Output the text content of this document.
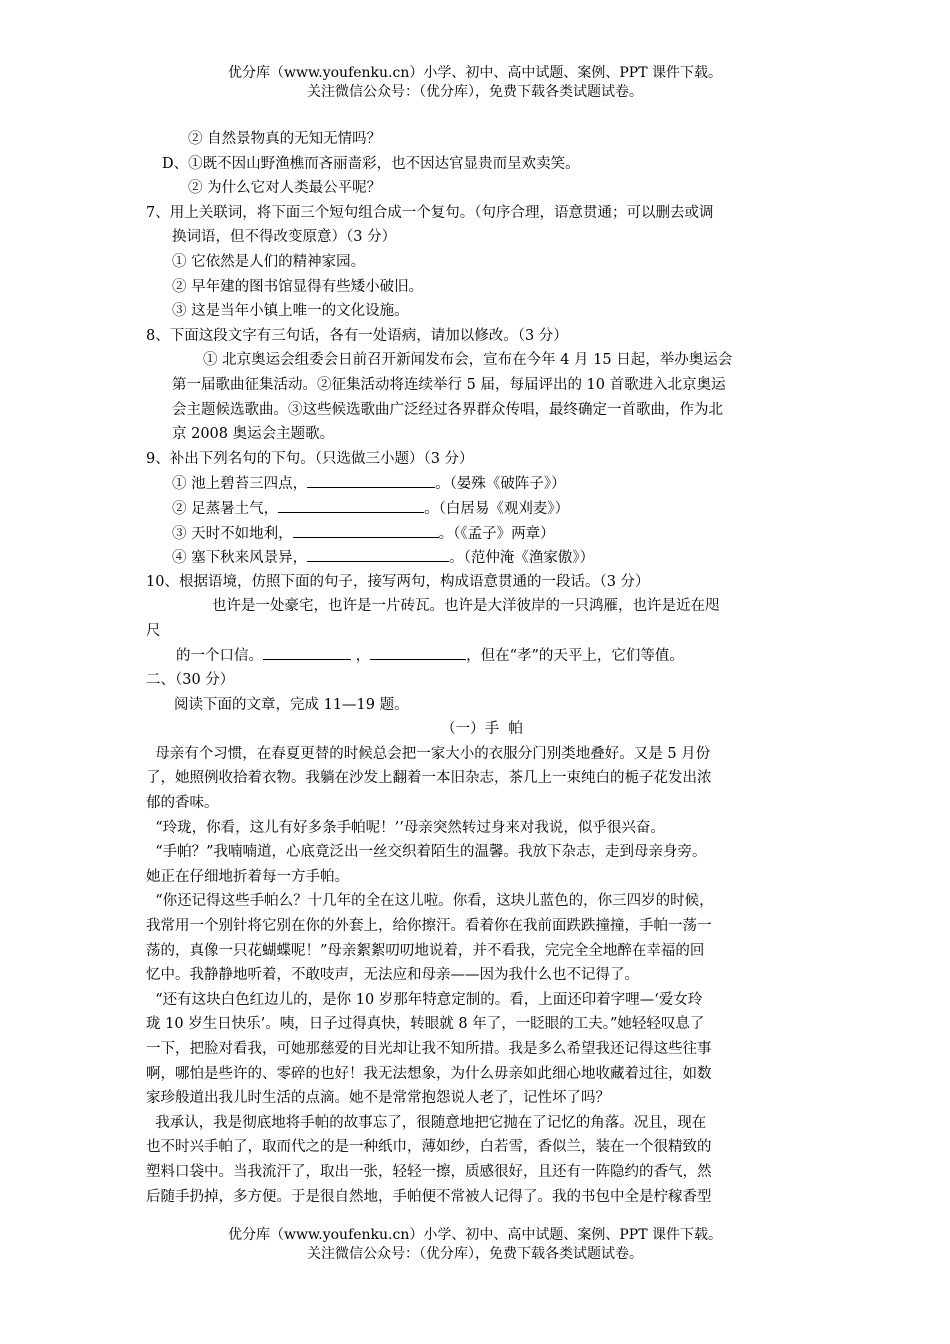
优分库（www.youfenku.cn）小学、初中、高中试题、案例、PPT 课件下载。
关注微信公众号：（优分库），免费下载各类试题试卷。
② 自然景物真的无知无情吗？
D、①既不因山野渔樵而吝丽啬彩，也不因达官显贵而呈欢卖笑。
② 为什么它对人类最公平呢？
7、用上关联词，将下面三个短句组合成一个复句。（句序合理，语意贯通；可以删去或调
换词语，但不得改变原意）（3 分）
① 它依然是人们的精神家园。
② 早年建的图书馆显得有些矮小破旧。
③ 这是当年小镇上唯一的文化设施。
8、下面这段文字有三句话，各有一处语病，请加以修改。（3 分）
① 北京奥运会组委会日前召开新闻发布会，宣布在今年 4 月 15 日起，举办奥运会
第一届歌曲征集活动。②征集活动将连续举行 5 届，每届评出的 10 首歌进入北京奥运
会主题候选歌曲。③这些候选歌曲广泛经过各界群众传唱，最终确定一首歌曲，作为北
京 2008 奥运会主题歌。
9、补出下列名句的下句。（只选做三小题）（3 分）
① 池上碧苔三四点，	。（晏殊《破阵子》）
② 足蒸暑土气，	。（白居易《观刈麦》）
③ 天时不如地利，	。（《孟子》两章）
④ 塞下秋来风景异，	。（范仲淹《渔家傲》）
10、根据语境，仿照下面的句子，接写两句，构成语意贯通的一段话。（3 分）
也许是一处豪宅，也许是一片砖瓦。也许是大洋彼岸的一只鸿雁，也许是近在咫
尺
的一个口信。	，	，但在“孝”的天平上，它们等值。
二、（30 分）
阅读下面的文章，完成 11—19 题。
（一）手  帕
母亲有个习惯，在春夏更替的时候总会把一家大小的衣服分门别类地叠好。又是 5 月份
了，她照例收拾着衣物。我躺在沙发上翻着一本旧杂志，茶几上一束纯白的栀子花发出浓
郁的香味。
“玲珑，你看，这儿有好多条手帕呢！’’母亲突然转过身来对我说，似乎很兴奋。
“手帕？”我喃喃道，心底竟泛出一丝交织着陌生的温馨。我放下杂志，走到母亲身旁。
她正在仔细地折着每一方手帕。
“你还记得这些手帕么？十几年的全在这儿啦。你看，这块儿蓝色的，你三四岁的时候，
我常用一个别针将它别在你的外套上，给你擦汗。看着你在我前面跌跌撞撞，手帕一荡一
荡的，真像一只花蝴蝶呢！”母亲絮絮叨叨地说着，并不看我，完完全全地醉在幸福的回
忆中。我静静地听着，不敢吱声，无法应和母亲——因为我什么也不记得了。
“还有这块白色红边儿的，是你 10 岁那年特意定制的。看，上面还印着字哩—‘爱女玲
珑 10 岁生日快乐’。咦，日子过得真快，转眼就 8 年了，一眨眼的工夫。”她轻轻叹息了
一下，把脸对看我，可她那慈爱的目光却让我不知所措。我是多么希望我还记得这些往事
啊，哪怕是些许的、零碎的也好！我无法想象，为什么毋亲如此细心地收藏着过往，如数
家珍般道出我儿时生活的点滴。她不是常常抱怨说人老了，记性坏了吗？
我承认，我是彻底地将手帕的故事忘了，很随意地把它抛在了记忆的角落。况且，现在
也不时兴手帕了，取而代之的是一种纸巾，薄如纱，白若雪，香似兰，装在一个很精致的
塑料口袋中。当我流汗了，取出一张，轻轻一擦，质感很好，且还有一阵隐约的香气，然
后随手扔掉，多方便。于是很自然地，手帕便不常被人记得了。我的书包中全是柠稼香型
优分库（www.youfenku.cn）小学、初中、高中试题、案例、PPT 课件下载。
关注微信公众号：（优分库），免费下载各类试题试卷。
